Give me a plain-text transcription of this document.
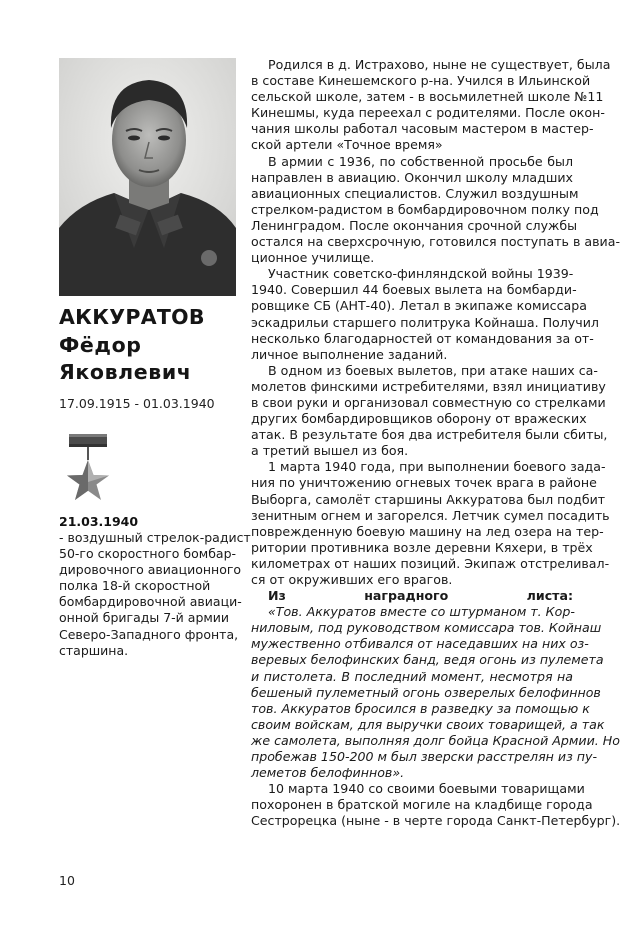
АККУРАТОВ
Фёдор
Яковлевич
17.09.1915 - 01.03.1940
21.03.1940
- воздушный стрелок-радист
50-го скоростного бомбар-
дировочного авиационного
полка 18-й скоростной
бомбардировочной авиаци-
онной бригады 7-й армии
Северо-Западного фронта,
старшина.
Родился в д. Истрахово, ныне не существует, была
в составе Кинешемского р-на. Учился в Ильинской
сельской школе, затем - в восьмилетней школе №11
Кинешмы, куда переехал с родителями. После окон-
чания школы работал часовым мастером в мастер-
ской артели «Точное время»
В армии с 1936, по собственной просьбе был
направлен в авиацию. Окончил школу младших
авиационных специалистов. Служил воздушным
стрелком-радистом в бомбардировочном полку под
Ленинградом. После окончания срочной службы
остался на сверхсрочную, готовился поступать в авиа-
ционное училище.
Участник советско-финляндской войны 1939-
1940. Совершил 44 боевых вылета на бомбарди-
ровщике СБ (АНТ-40). Летал в экипаже комиссара
эскадрильи старшего политрука Койнаша. Получил
несколько благодарностей от командования за от-
личное выполнение заданий.
В одном из боевых вылетов, при атаке наших са-
молетов финскими истребителями, взял инициативу
в свои руки и организовал совместную со стрелками
других бомбардировщиков оборону от вражеских
атак. В результате боя два истребителя были сбиты,
а третий вышел из боя.
1 марта 1940 года, при выполнении боевого зада-
ния по уничтожению огневых точек врага в районе
Выборга, самолёт старшины Аккуратова был подбит
зенитным огнем и загорелся. Летчик сумел посадить
поврежденную боевую машину на лед озера на тер-
ритории противника возле деревни Кяхери, в трёх
километрах от наших позиций. Экипаж отстреливал-
ся от окруживших его врагов.
Из наградного листа:
«Тов. Аккуратов вместе со штурманом т. Кор-
ниловым, под руководством комиссара тов. Койнаш
мужественно отбивался от наседавших на них оз-
веревых белофинских банд, ведя огонь из пулемета
и пистолета. В последний момент, несмотря на
бешеный пулеметный огонь озверелых белофиннов
тов. Аккуратов бросился в разведку за помощью к
своим войскам, для выручки своих товарищей, а так
же самолета, выполняя долг бойца Красной Армии. Но
пробежав 150-200 м был зверски расстрелян из пу-
леметов белофиннов».
10 марта 1940 со своими боевыми товарищами
похоронен в братской могиле на кладбище города
Сестрорецка (ныне - в черте города Санкт-Петербург).
10
